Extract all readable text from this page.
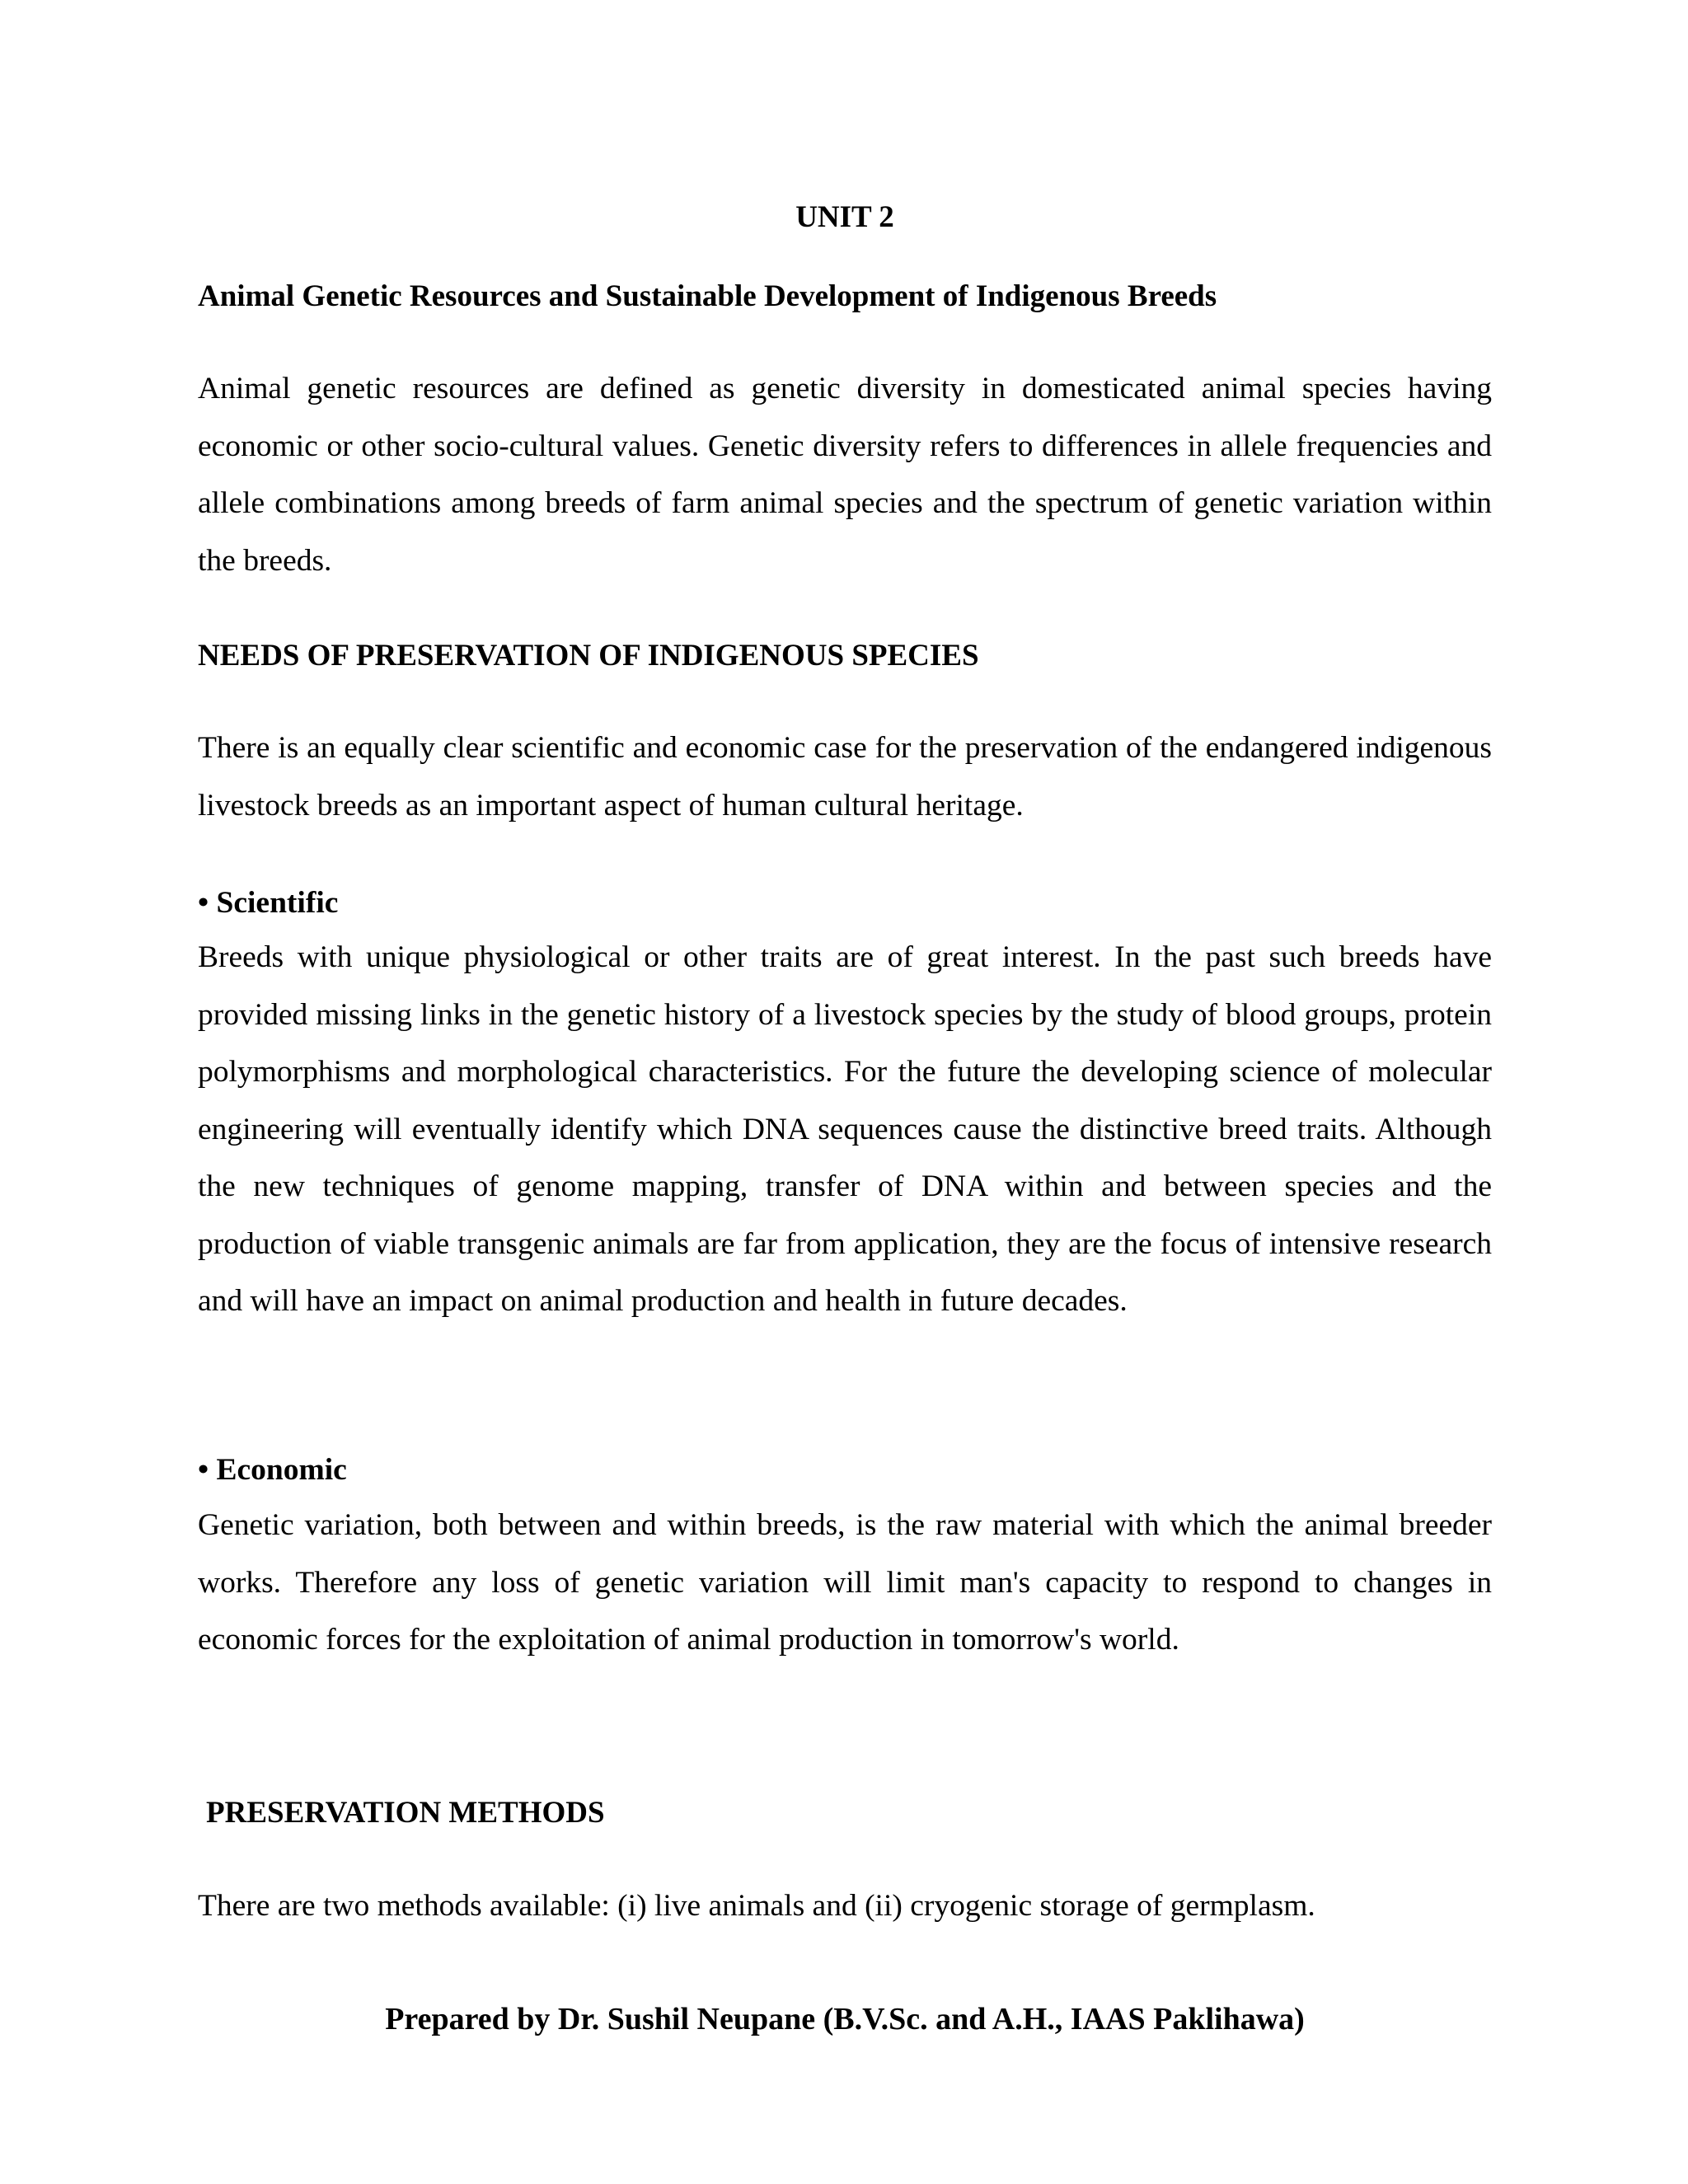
UNIT 2
Animal Genetic Resources and Sustainable Development of Indigenous Breeds

Animal genetic resources are defined as genetic diversity in domesticated animal species having economic or other socio-cultural values. Genetic diversity refers to differences in allele frequencies and allele combinations among breeds of farm animal species and the spectrum of genetic variation within the breeds.

NEEDS OF PRESERVATION OF INDIGENOUS SPECIES

There is an equally clear scientific and economic case for the preservation of the endangered indigenous livestock breeds as an important aspect of human cultural heritage.

• Scientific

Breeds with unique physiological or other traits are of great interest. In the past such breeds have provided missing links in the genetic history of a livestock species by the study of blood groups, protein polymorphisms and morphological characteristics. For the future the developing science of molecular engineering will eventually identify which DNA sequences cause the distinctive breed traits. Although the new techniques of genome mapping, transfer of DNA within and between species and the production of viable transgenic animals are far from application, they are the focus of intensive research and will have an impact on animal production and health in future decades.

• Economic

Genetic variation, both between and within breeds, is the raw material with which the animal breeder works. Therefore any loss of genetic variation will limit man's capacity to respond to changes in economic forces for the exploitation of animal production in tomorrow's world.

PRESERVATION METHODS

There are two methods available: (i) live animals and (ii) cryogenic storage of germplasm.

Prepared by Dr. Sushil Neupane (B.V.Sc. and A.H., IAAS Paklihawa)
